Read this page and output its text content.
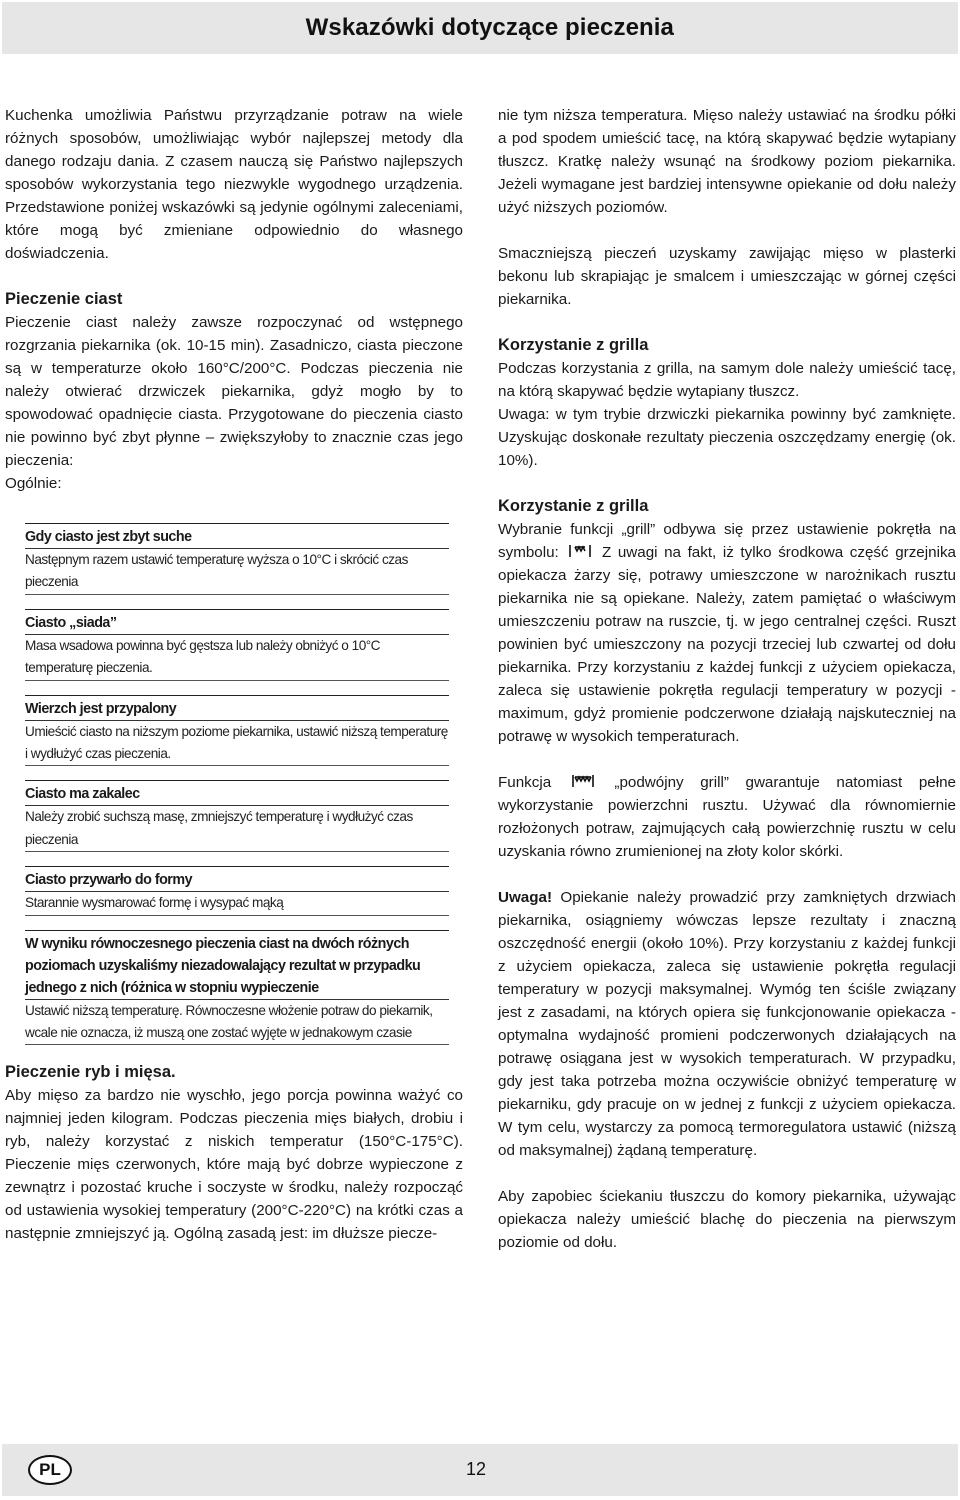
Wskazówki dotyczące pieczenia

Kuchenka umożliwia Państwu przyrządzanie potraw na wiele różnych sposobów, umożliwiając wybór najlepszej metody dla danego rodzaju dania. Z czasem nauczą się Państwo najlepszych sposobów wykorzystania tego niezwykle wygodnego urządzenia. Przedstawione poniżej wskazówki są jedynie ogólnymi zaleceniami, które mogą być zmieniane odpowiednio do własnego doświadczenia.

Pieczenie ciast

Pieczenie ciast należy zawsze rozpoczynać od wstępnego rozgrzania piekarnika (ok. 10-15 min). Zasadniczo, ciasta pieczone są w temperaturze około 160°C/200°C. Podczas pieczenia nie należy otwierać drzwiczek piekarnika, gdyż mogło by to spowodować opadnięcie ciasta. Przygotowane do pieczenia ciasto nie powinno być zbyt płynne – zwiększyłoby to znacznie czas jego pieczenia:

Ogólnie:

Gdy ciasto jest zbyt suche
Następnym razem ustawić temperaturę wyższa o 10°C i skrócić czas pieczenia
Ciasto „siada”
Masa wsadowa powinna być gęstsza lub należy obniżyć o 10°C temperaturę pieczenia.
Wierzch jest przypalony
Umieścić ciasto na niższym poziome piekarnika, ustawić niższą temperaturę i wydłużyć czas pieczenia.
Ciasto ma zakalec
Należy zrobić suchszą masę, zmniejszyć temperaturę i wydłużyć czas pieczenia
Ciasto przywarło do formy
Starannie wysmarować formę i wysypać mąką
W wyniku równoczesnego pieczenia ciast na dwóch różnych poziomach uzyskaliśmy niezadowalający rezultat w przypadku jednego z nich (różnica w stopniu wypieczenie
Ustawić niższą temperaturę. Równoczesne włożenie potraw do piekarnik, wcale nie oznacza, iż muszą one zostać wyjęte w jednakowym czasie
Pieczenie ryb i mięsa.

Aby mięso za bardzo nie wyschło, jego porcja powinna ważyć co najmniej jeden kilogram. Podczas pieczenia mięs białych, drobiu i ryb, należy korzystać z niskich temperatur (150°C-175°C). Pieczenie mięs czerwonych, które mają być dobrze wypieczone z zewnątrz i pozostać kruche i soczyste w środku, należy rozpocząć od ustawienia wysokiej temperatury (200°C-220°C) na krótki czas a następnie zmniejszyć ją. Ogólną zasadą jest: im dłuższe piecze-

nie tym niższa temperatura. Mięso należy ustawiać na środku półki a pod spodem umieścić tacę, na którą skapywać będzie wytapiany tłuszcz. Kratkę należy wsunąć na środkowy poziom piekarnika. Jeżeli wymagane jest bardziej intensywne opiekanie od dołu należy użyć niższych poziomów.

Smaczniejszą pieczeń uzyskamy zawijając mięso w plasterki bekonu lub skrapiając je smalcem i umieszczając w górnej części piekarnika.

Korzystanie z grilla

Podczas korzystania z grilla, na samym dole należy umieścić tacę, na którą skapywać będzie wytapiany tłuszcz.

Uwaga: w tym trybie drzwiczki piekarnika powinny być zamknięte. Uzyskując doskonałe rezultaty pieczenia oszczędzamy energię (ok. 10%).

Korzystanie z grilla

Wybranie funkcji „grill” odbywa się przez ustawienie pokrętła na symbolu:	Z uwagi na fakt, iż tylko środkowa część grzejnika opiekacza żarzy się, potrawy umieszczone w narożnikach rusztu piekarnika nie są opiekane. Należy, zatem pamiętać o właściwym umieszczeniu potraw na ruszcie, tj. w jego centralnej części. Ruszt powinien być umieszczony na pozycji trzeciej lub czwartej od dołu piekarnika. Przy korzystaniu z każdej funkcji z użyciem opiekacza, zaleca się ustawienie pokrętła regulacji temperatury w pozycji - maximum, gdyż promienie podczerwone działają najskuteczniej na potrawę w wysokich temperaturach.

Funkcja	„podwójny grill” gwarantuje natomiast pełne wykorzystanie powierzchni rusztu. Używać dla równomiernie rozłożonych potraw, zajmujących całą powierzchnię rusztu w celu uzyskania równo zrumienionej na złoty kolor skórki.

Uwaga! Opiekanie należy prowadzić przy zamkniętych drzwiach piekarnika, osiągniemy wówczas lepsze rezultaty i znaczną oszczędność energii (około 10%). Przy korzystaniu z każdej funkcji z użyciem opiekacza, zaleca się ustawienie pokrętła regulacji temperatury w pozycji maksymalnej. Wymóg ten ściśle związany jest z zasadami, na których opiera się funkcjonowanie opiekacza - optymalna wydajność promieni podczerwonych działających na potrawę osiągana jest w wysokich temperaturach. W przypadku, gdy jest taka potrzeba można oczywiście obniżyć temperaturę w piekarniku, gdy pracuje on w jednej z funkcji z użyciem opiekacza. W tym celu, wystarczy za pomocą termoregulatora ustawić (niższą od maksymalnej) żądaną temperaturę.

Aby zapobiec ściekaniu tłuszczu do komory piekarnika, używając opiekacza należy umieścić blachę do pieczenia na pierwszym poziomie od dołu.

PL	12
